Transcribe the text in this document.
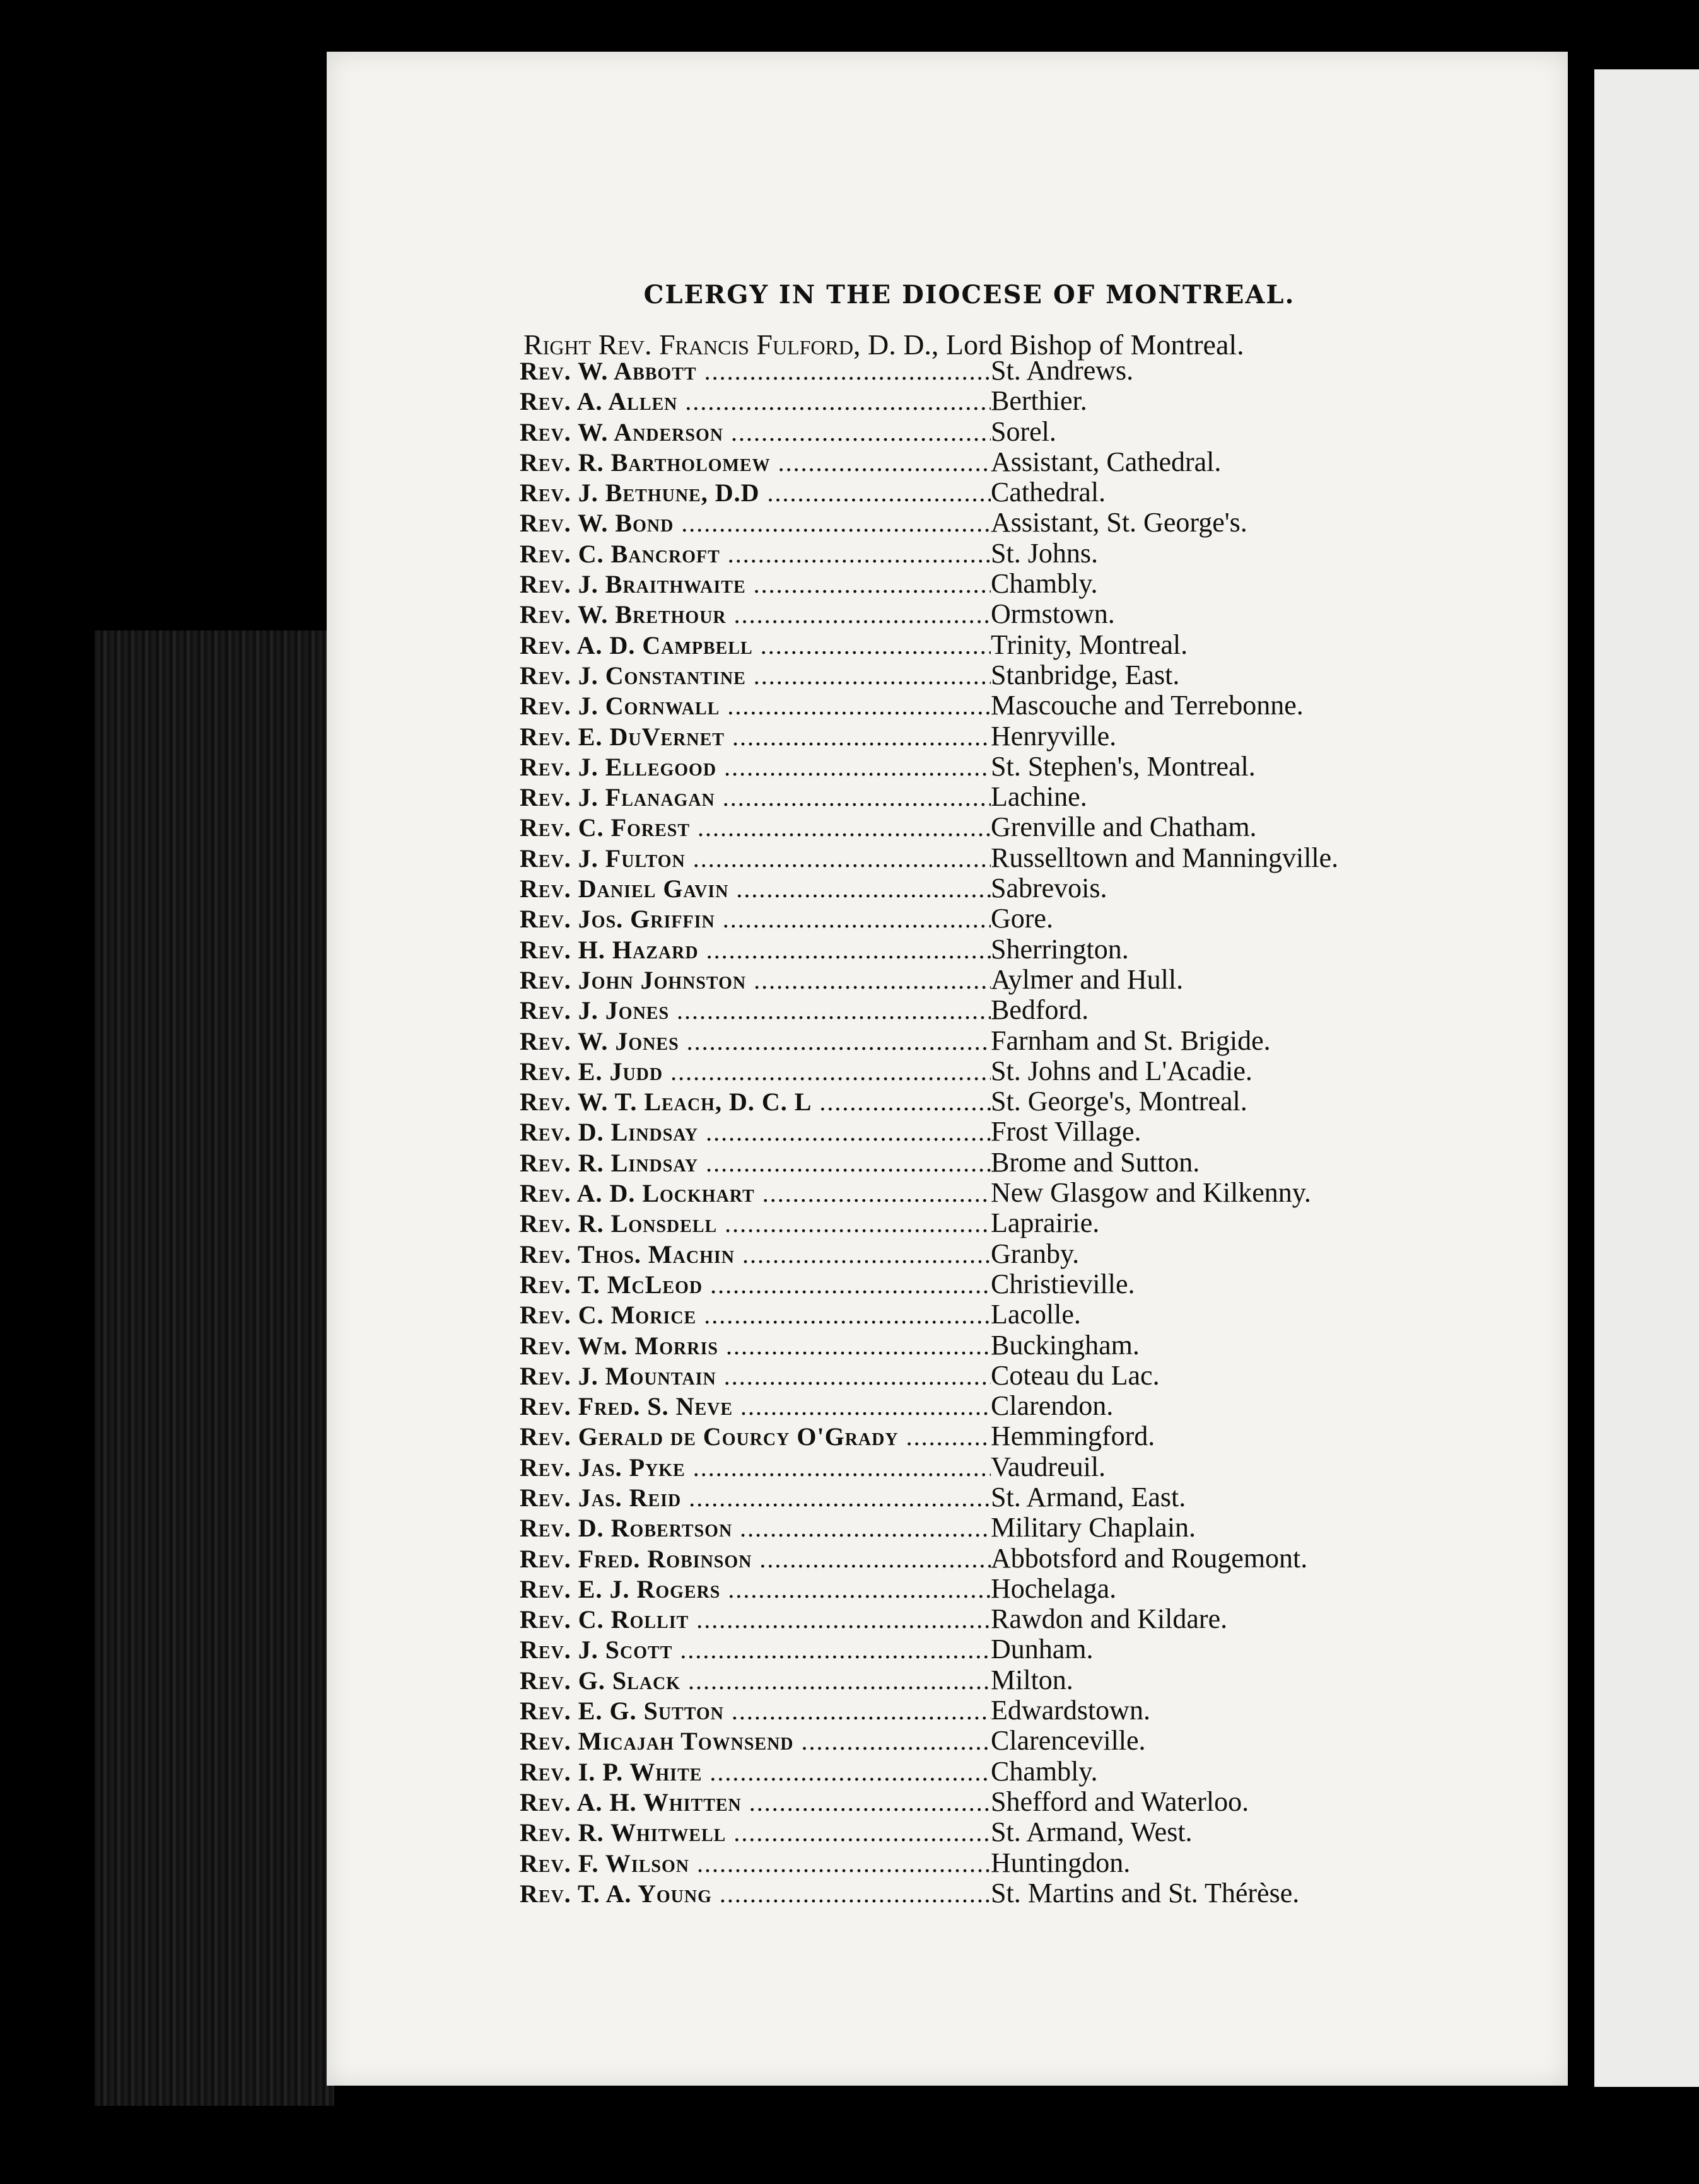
CLERGY IN THE DIOCESE OF MONTREAL.
Right Rev. Francis Fulford, D. D., Lord Bishop of Montreal.
Rev. W. Abbott .....	St. Andrews.
Rev. A. Allen .....	Berthier.
Rev. W. Anderson .....	Sorel.
Rev. R. Bartholomew .....	Assistant, Cathedral.
Rev. J. Bethune, D.D .....	Cathedral.
Rev. W. Bond .....	Assistant, St. George's.
Rev. C. Bancroft .....	St. Johns.
Rev. J. Braithwaite .....	Chambly.
Rev. W. Brethour .....	Ormstown.
Rev. A. D. Campbell .....	Trinity, Montreal.
Rev. J. Constantine .....	Stanbridge, East.
Rev. J. Cornwall .....	Mascouche and Terrebonne.
Rev. E. DuVernet .....	Henryville.
Rev. J. Ellegood .....	St. Stephen's, Montreal.
Rev. J. Flanagan .....	Lachine.
Rev. C. Forest .....	Grenville and Chatham.
Rev. J. Fulton .....	Russelltown and Manningville.
Rev. Daniel Gavin .....	Sabrevois.
Rev. Jos. Griffin .....	Gore.
Rev. H. Hazard .....	Sherrington.
Rev. John Johnston .....	Aylmer and Hull.
Rev. J. Jones .....	Bedford.
Rev. W. Jones .....	Farnham and St. Brigide.
Rev. E. Judd .....	St. Johns and L'Acadie.
Rev. W. T. Leach, D. C. L .....	St. George's, Montreal.
Rev. D. Lindsay .....	Frost Village.
Rev. R. Lindsay .....	Brome and Sutton.
Rev. A. D. Lockhart .....	New Glasgow and Kilkenny.
Rev. R. Lonsdell .....	Laprairie.
Rev. Thos. Machin .....	Granby.
Rev. T. McLeod .....	Christieville.
Rev. C. Morice .....	Lacolle.
Rev. Wm. Morris .....	Buckingham.
Rev. J. Mountain .....	Coteau du Lac.
Rev. Fred. S. Neve .....	Clarendon.
Rev. Gerald de Courcy O'Grady .....	Hemmingford.
Rev. Jas. Pyke .....	Vaudreuil.
Rev. Jas. Reid .....	St. Armand, East.
Rev. D. Robertson .....	Military Chaplain.
Rev. Fred. Robinson .....	Abbotsford and Rougemont.
Rev. E. J. Rogers .....	Hochelaga.
Rev. C. Rollit .....	Rawdon and Kildare.
Rev. J. Scott .....	Dunham.
Rev. G. Slack .....	Milton.
Rev. E. G. Sutton .....	Edwardstown.
Rev. Micajah Townsend .....	Clarenceville.
Rev. I. P. White .....	Chambly.
Rev. A. H. Whitten .....	Shefford and Waterloo.
Rev. R. Whitwell .....	St. Armand, West.
Rev. F. Wilson .....	Huntingdon.
Rev. T. A. Young .....	St. Martins and St. Thérèse.
